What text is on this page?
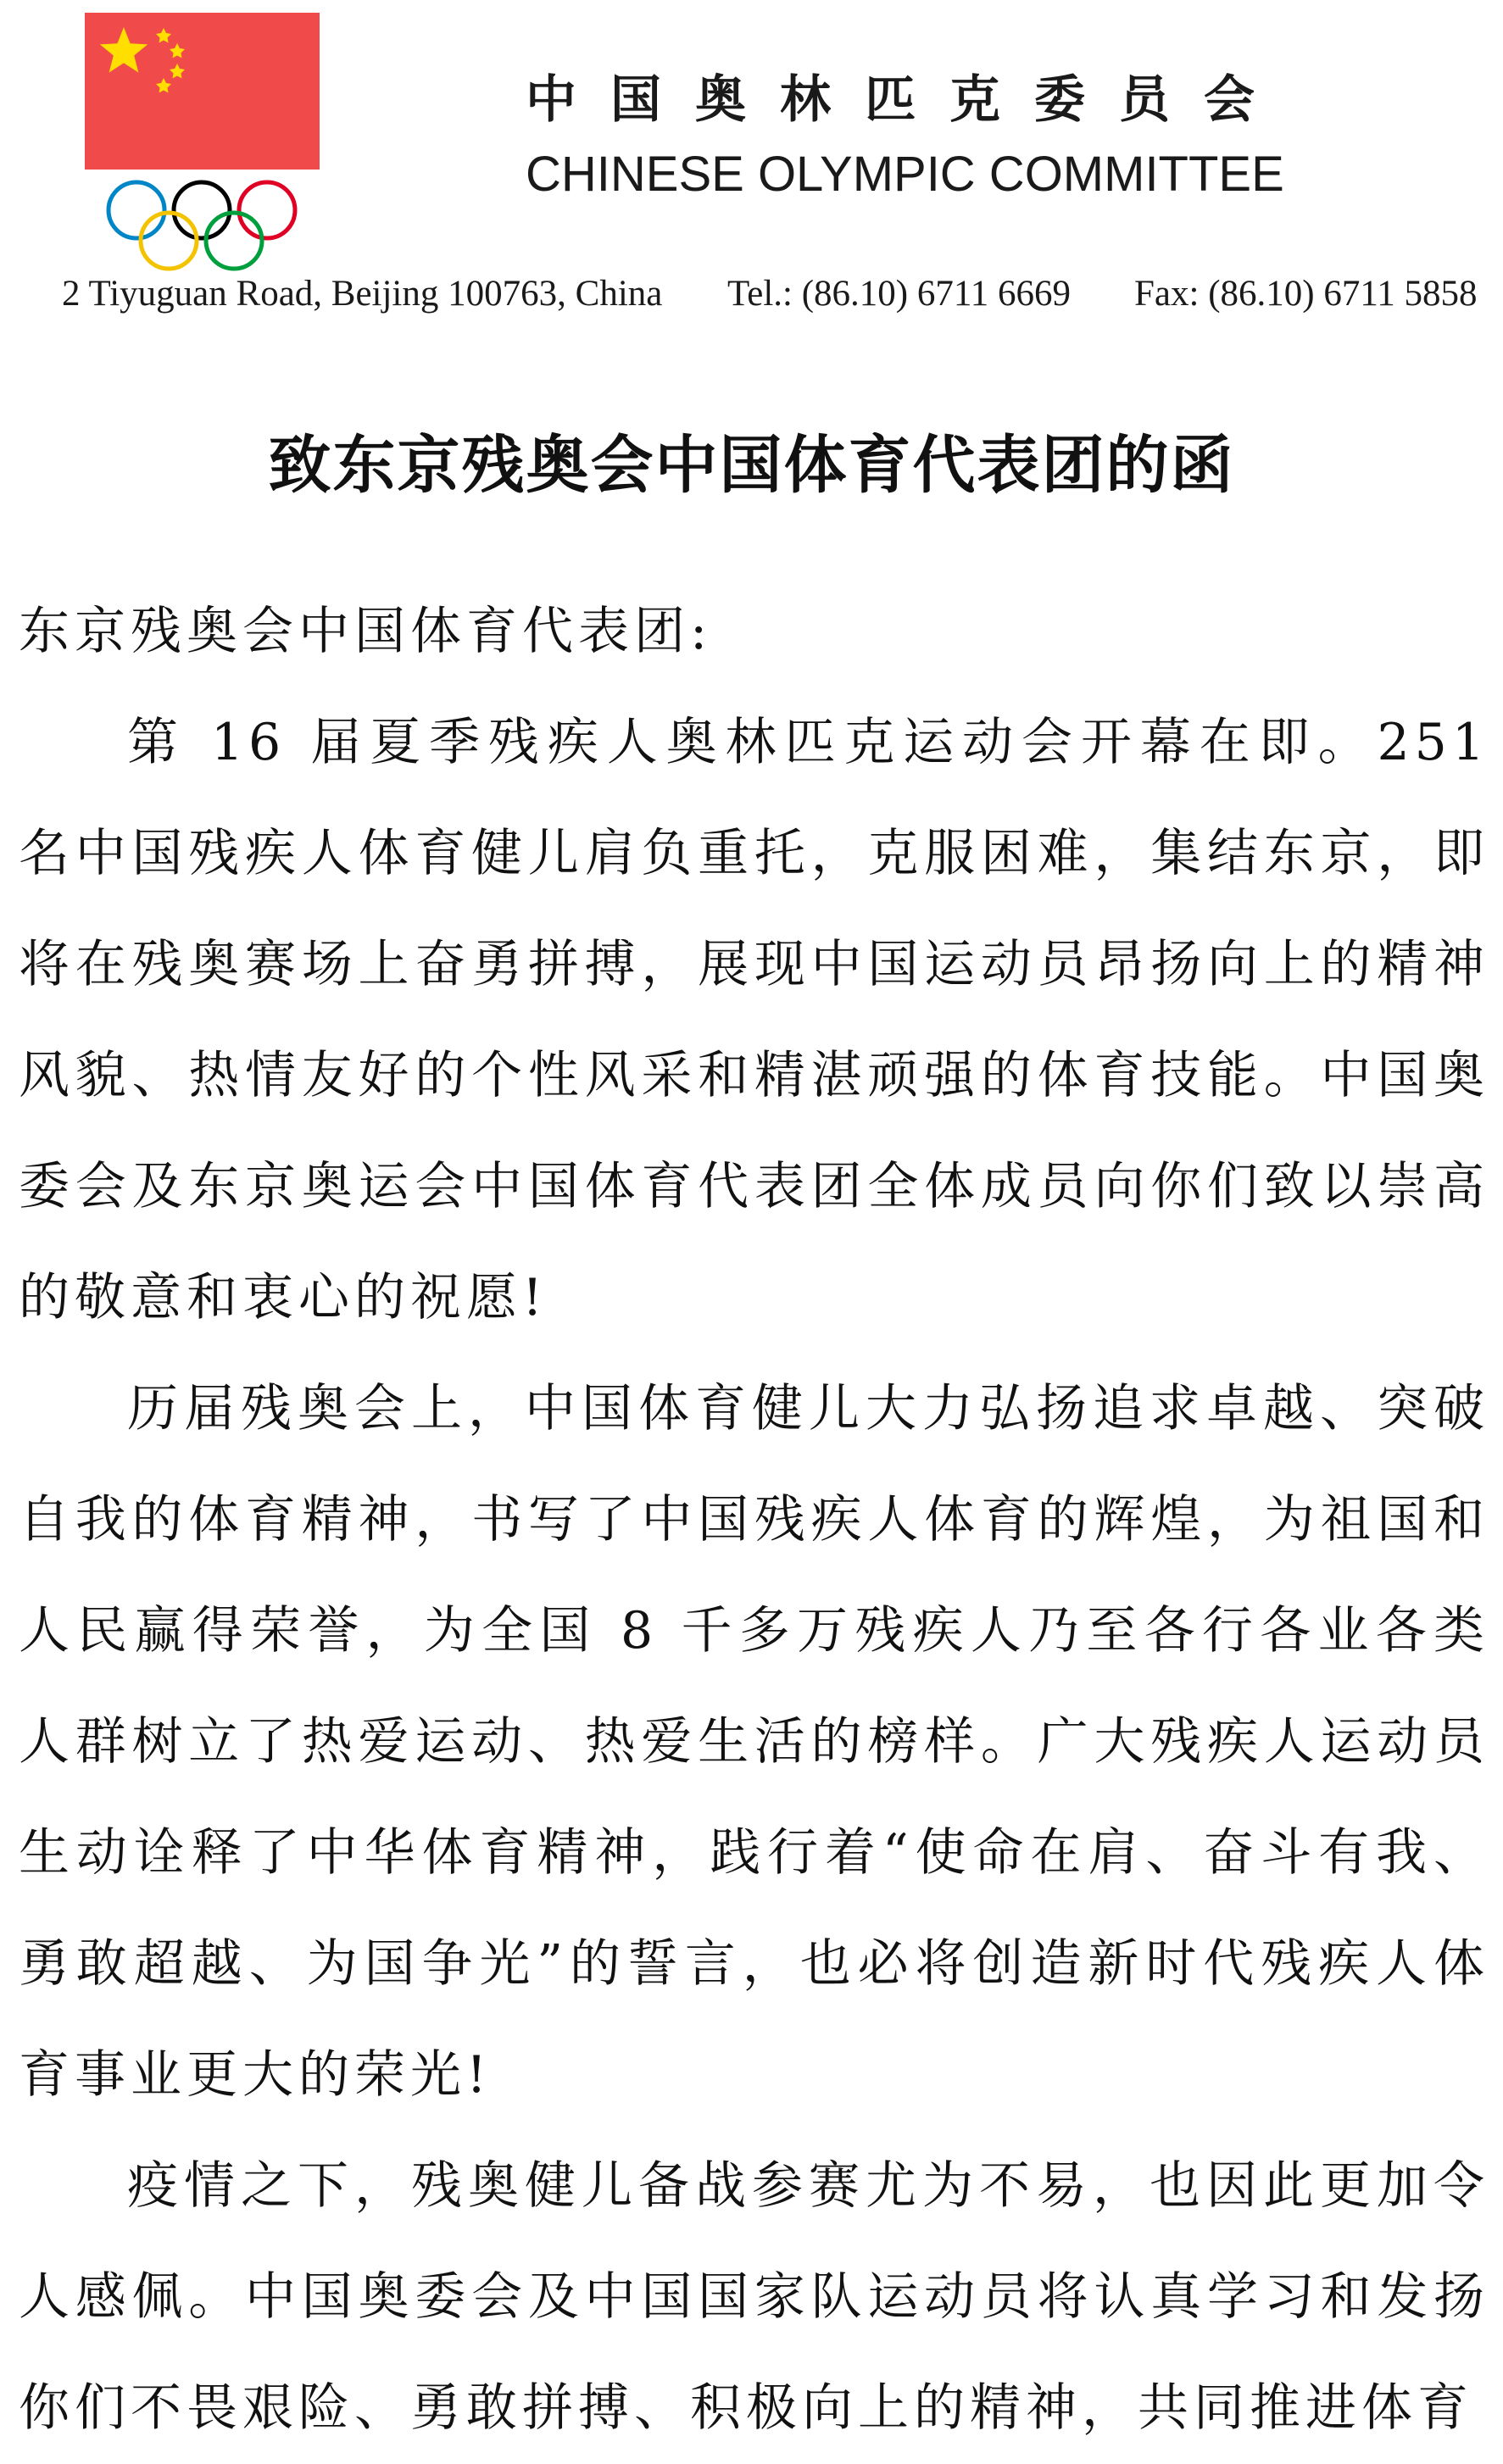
中国奥林匹克委员会
CHINESE OLYMPIC COMMITTEE
2 Tiyuguan Road, Beijing 100763, China Tel.: (86.10) 6711 6669 Fax: (86.10) 6711 5858
致东京残奥会中国体育代表团的函

东京残奥会中国体育代表团:

第 16 届夏季残疾人奥林匹克运动会开幕在即。251 名中国残疾人体育健儿肩负重托，克服困难，集结东京，即将在残奥赛场上奋勇拼搏，展现中国运动员昂扬向上的精神风貌、热情友好的个性风采和精湛顽强的体育技能。中国奥委会及东京奥运会中国体育代表团全体成员向你们致以崇高的敬意和衷心的祝愿!

历届残奥会上，中国体育健儿大力弘扬追求卓越、突破自我的体育精神，书写了中国残疾人体育的辉煌，为祖国和人民赢得荣誉，为全国 8 千多万残疾人乃至各行各业各类人群树立了热爱运动、热爱生活的榜样。广大残疾人运动员生动诠释了中华体育精神，践行着“使命在肩、奋斗有我、勇敢超越、为国争光”的誓言，也必将创造新时代残疾人体育事业更大的荣光!

疫情之下，残奥健儿备战参赛尤为不易，也因此更加令人感佩。中国奥委会及中国国家队运动员将认真学习和发扬你们不畏艰险、勇敢拼搏、积极向上的精神，共同推进体育
